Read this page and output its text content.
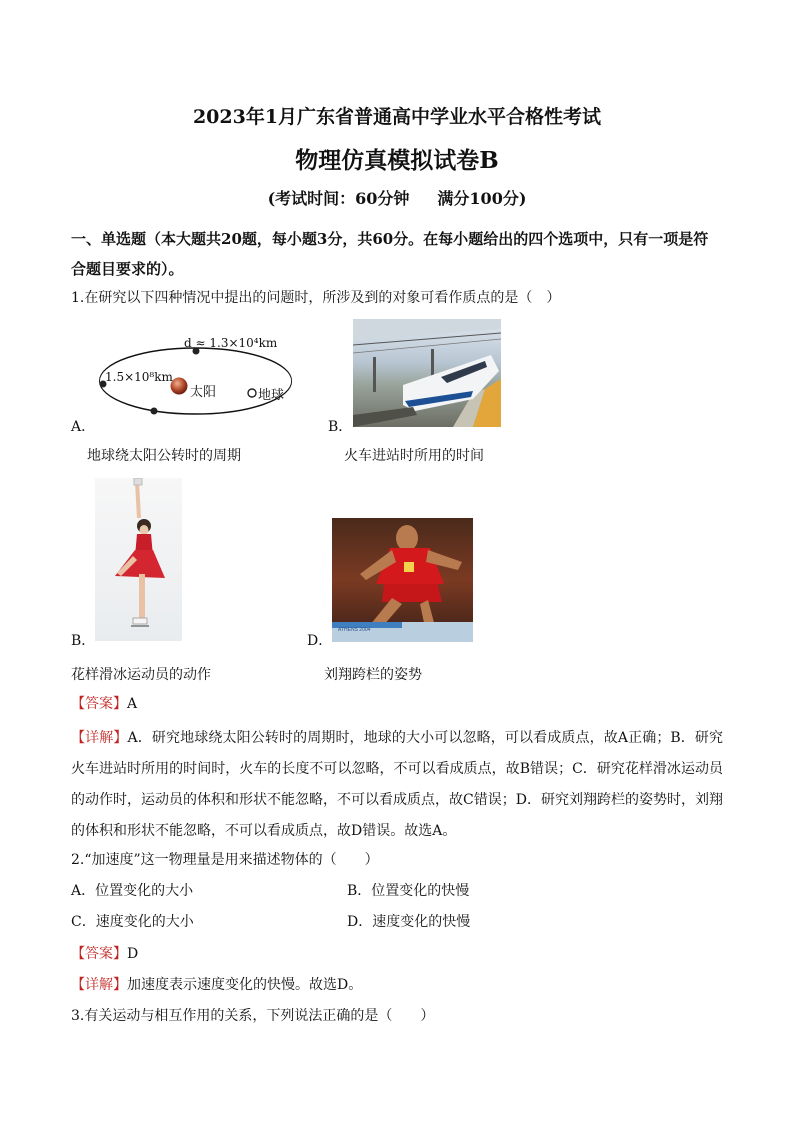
2023年1月广东省普通高中学业水平合格性考试
物理仿真模拟试卷B
(考试时间：60分钟 满分100分)
一、单选题（本大题共20题，每小题3分，共60分。在每小题给出的四个选项中，只有一项是符合题目要求的）。
1.在研究以下四种情况中提出的问题时，所涉及到的对象可看作质点的是（　）
d ≈ 1.3×10⁴km
1.5×10⁸km
太阳	地球
A．
地球绕太阳公转时的周期
B．
火车进站时所用的时间
B．
花样滑冰运动员的动作
ATHENS 2004
D．
刘翔跨栏的姿势
【答案】A
【详解】A．研究地球绕太阳公转时的周期时，地球的大小可以忽略，可以看成质点，故A正确；B．研究火车进站时所用的时间时，火车的长度不可以忽略，不可以看成质点，故B错误；C．研究花样滑冰运动员的动作时，运动员的体积和形状不能忽略，不可以看成质点，故C错误；D．研究刘翔跨栏的姿势时，刘翔的体积和形状不能忽略，不可以看成质点，故D错误。故选A。
2.“加速度”这一物理量是用来描述物体的（　　）
A．位置变化的大小	B．位置变化的快慢
C．速度变化的大小	D．速度变化的快慢
【答案】D
【详解】加速度表示速度变化的快慢。故选D。
3.有关运动与相互作用的关系，下列说法正确的是（　　）
